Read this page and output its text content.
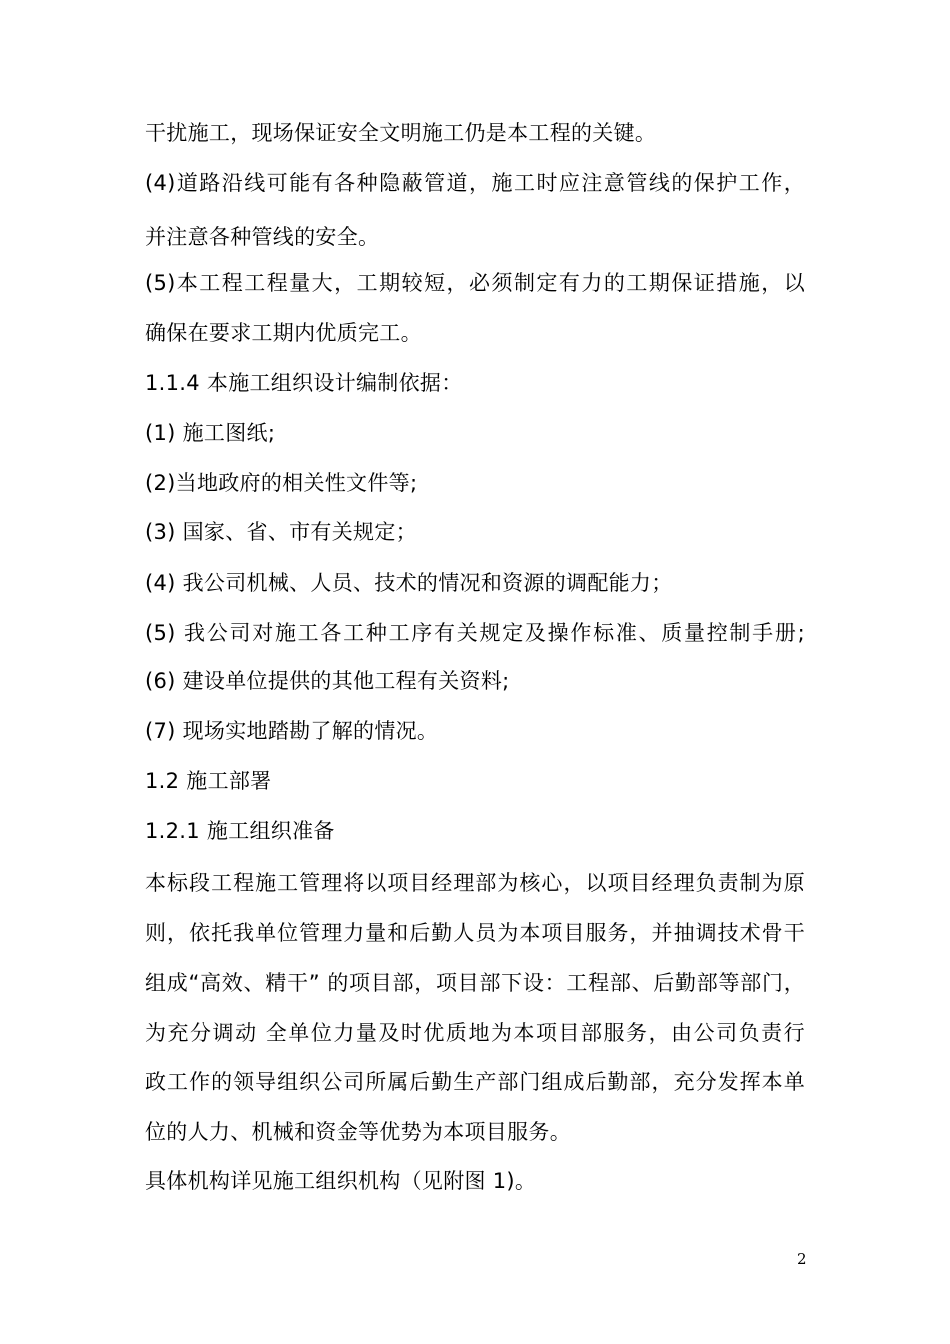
干扰施工，现场保证安全文明施工仍是本工程的关键。
(4)道路沿线可能有各种隐蔽管道，施工时应注意管线的保护工作，
并注意各种管线的安全。
(5)本工程工程量大，工期较短，必须制定有力的工期保证措施，以
确保在要求工期内优质完工。
1.1.4 本施工组织设计编制依据：
(1) 施工图纸;
(2)当地政府的相关性文件等;
(3) 国家、省、市有关规定；
(4) 我公司机械、人员、技术的情况和资源的调配能力；
(5) 我公司对施工各工种工序有关规定及操作标准、质量控制手册;
(6) 建设单位提供的其他工程有关资料;
(7) 现场实地踏勘了解的情况。
1.2 施工部署
1.2.1 施工组织准备
本标段工程施工管理将以项目经理部为核心，以项目经理负责制为原
则，依托我单位管理力量和后勤人员为本项目服务，并抽调技术骨干
组成“高效、精干” 的项目部，项目部下设：工程部、后勤部等部门，
为充分调动 全单位力量及时优质地为本项目部服务，由公司负责行
政工作的领导组织公司所属后勤生产部门组成后勤部，充分发挥本单
位的人力、机械和资金等优势为本项目服务。
具体机构详见施工组织机构（见附图 1)。
2
